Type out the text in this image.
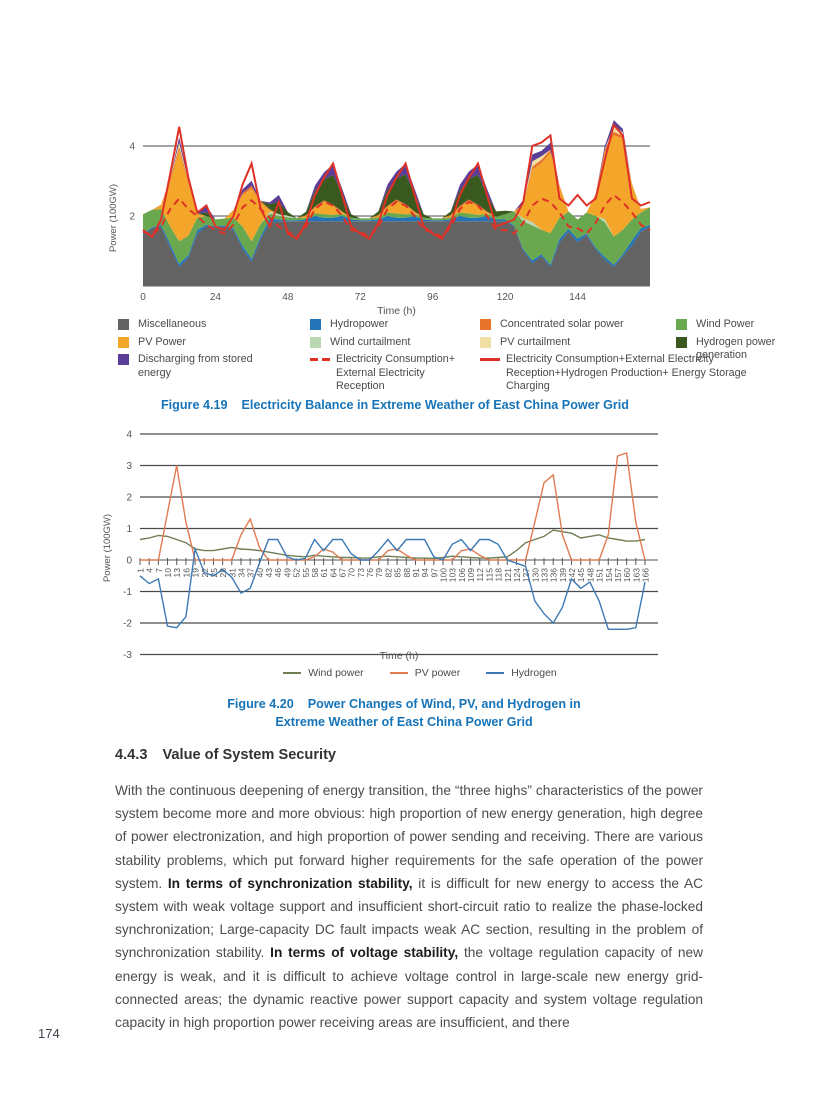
2
4
0	24	48	72	96	120	144
Time (h)
Power (100GW)
Miscellaneous
PV Power
Discharging from stored energy
Hydropower
Wind curtailment
Electricity Consumption+ External Electricity Reception
Concentrated solar power
PV curtailment
Electricity Consumption+External Electricity Reception+Hydrogen Production+ Energy Storage Charging
Wind Power
Hydrogen power generation
Figure 4.19 Electricity Balance in Extreme Weather of East China Power Grid
-3
-2
-1
0
1
2
3
4
1 4 7 10 13 16 19 22 25 28 31 34 37 40 43 46 49 52 55 58 61 64 67 70 73 76 79 82 85 88 91 94 97 100 103 106 109 112 115 118 121 124 127 130 133 136 139 142 145 148 151 154 157 160 163 166
Time (h)
Power (100GW)
Wind power	PV power	Hydrogen
Figure 4.20 Power Changes of Wind, PV, and Hydrogen in
Extreme Weather of East China Power Grid
4.4.3 Value of System Security
With the continuous deepening of energy transition, the “three highs” characteristics of the power system become more and more obvious: high proportion of new energy generation, high degree of power electronization, and high proportion of power sending and receiving. There are various stability problems, which put forward higher requirements for the safe operation of the power system. In terms of synchronization stability, it is difficult for new energy to access the AC system with weak voltage support and insufficient short-circuit ratio to realize the phase-locked synchronization; Large-capacity DC fault impacts weak AC section, resulting in the problem of synchronization stability. In terms of voltage stability, the voltage regulation capacity of new energy is weak, and it is difficult to achieve voltage control in large-scale new energy grid-connected areas; the dynamic reactive power support capacity and system voltage regulation capacity in high proportion power receiving areas are insufficient, and there
174
